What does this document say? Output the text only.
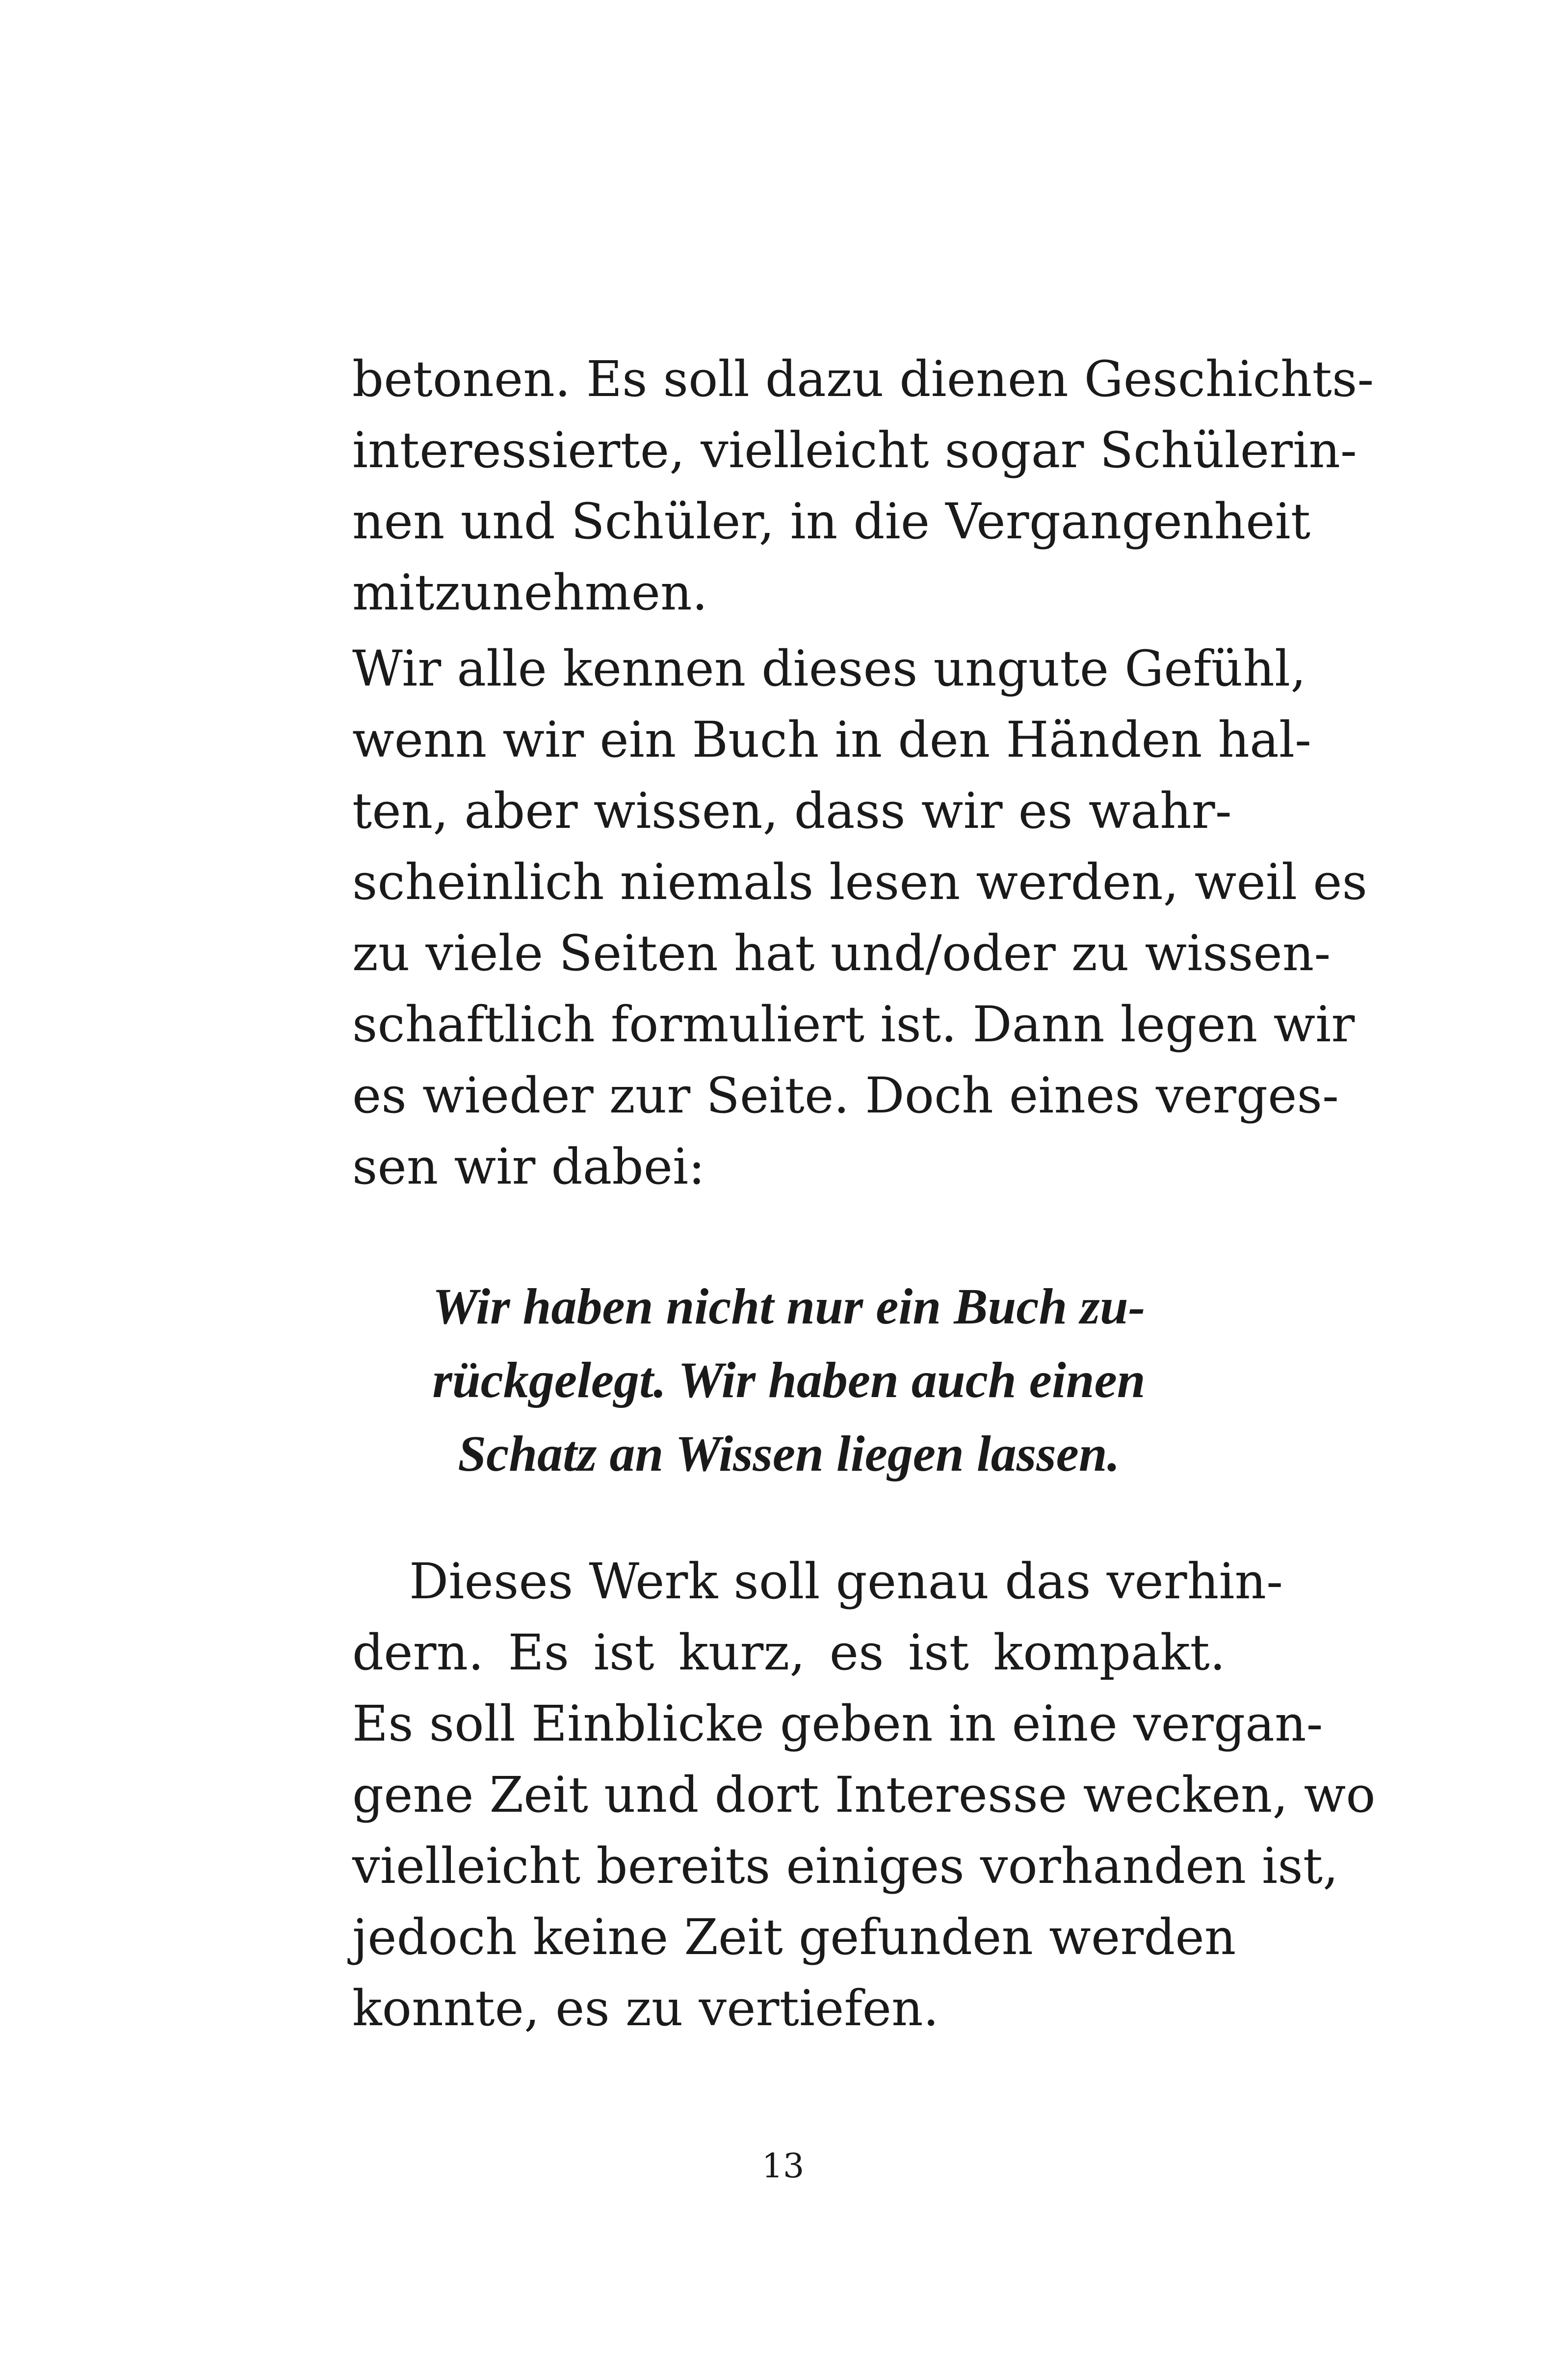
betonen. Es soll dazu dienen Geschichts-
interessierte, vielleicht sogar Schülerin-
nen und Schüler, in die Vergangenheit
mitzunehmen.
Wir alle kennen dieses ungute Gefühl,
wenn wir ein Buch in den Händen hal-
ten, aber wissen, dass wir es wahr-
scheinlich niemals lesen werden, weil es
zu viele Seiten hat und/oder zu wissen-
schaftlich formuliert ist. Dann legen wir
es wieder zur Seite. Doch eines verges-
sen wir dabei:
Wir haben nicht nur ein Buch zu-
rückgelegt. Wir haben auch einen
Schatz an Wissen liegen lassen.
Dieses Werk soll genau das verhin-
dern. Es ist kurz, es ist kompakt.
Es soll Einblicke geben in eine vergan-
gene Zeit und dort Interesse wecken, wo
vielleicht bereits einiges vorhanden ist,
jedoch keine Zeit gefunden werden
konnte, es zu vertiefen.
13
